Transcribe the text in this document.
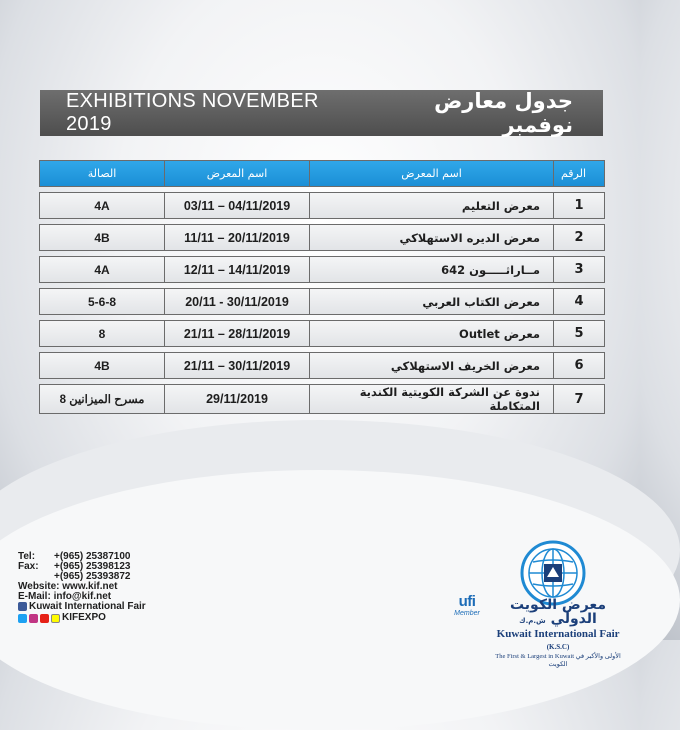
EXHIBITIONS NOVEMBER 2019
جدول معارض نوفمبر
الصالة	اسم المعرض	اسم المعرض	الرقم
4A	03/11 – 04/11/2019	معرض التعليم	1
4B	11/11 – 20/11/2019	معرض الديره الاستهلاكي	2
4A	12/11 – 14/11/2019	مــاراثـــــون 642	3
5-6-8	20/11 - 30/11/2019	معرض الكتاب العربي	4
8	21/11 – 28/11/2019	معرض Outlet	5
4B	21/11 – 30/11/2019	معرض الخريف الاستهلاكي	6
مسرح الميزانين 8	29/11/2019	ندوة عن الشركة الكويتية الكندية المتكاملة	7
Tel:	+(965) 25387100
Fax:	+(965) 25398123
+(965) 25393872
Website:
www.kif.net
E-Mail:
info@kif.net
Kuwait International Fair
KIFEXPO
ufi
Member
معرض الكويت الدولي ش.م.ك
Kuwait International Fair (K.S.C)
The First & Largest in Kuwait الأولى والأكبر في الكويت
